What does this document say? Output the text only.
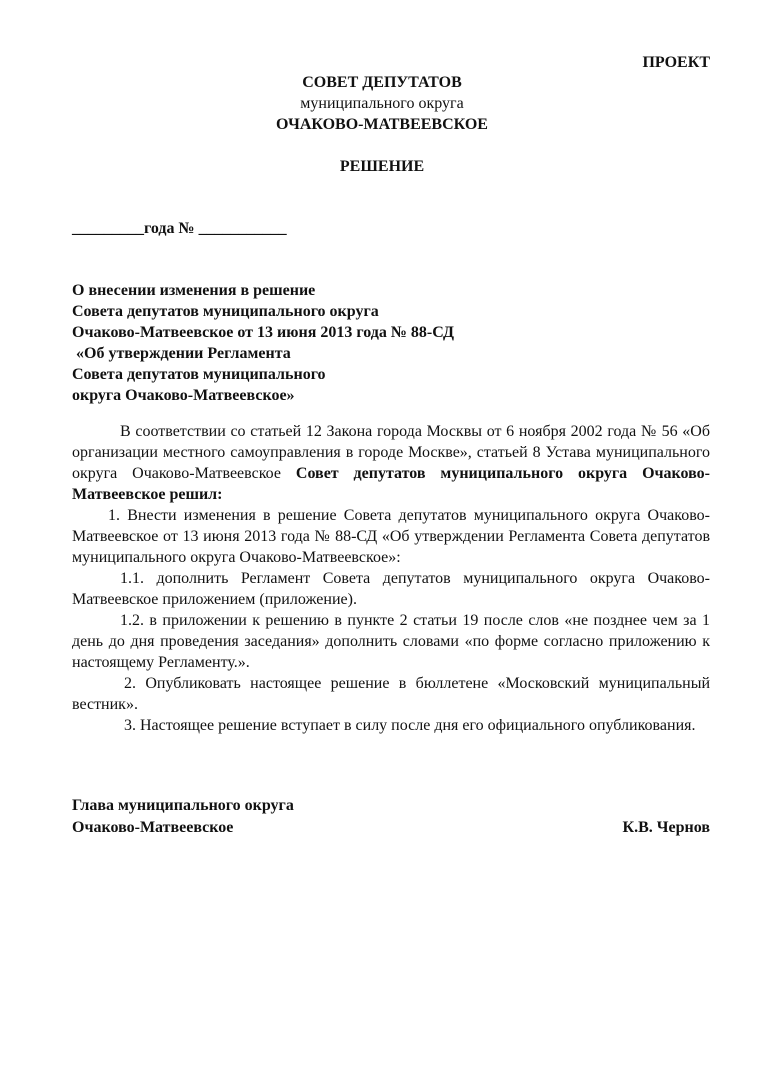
ПРОЕКТ
СОВЕТ ДЕПУТАТОВ
муниципального округа
ОЧАКОВО-МАТВЕЕВСКОЕ
РЕШЕНИЕ
_________года № ___________
О внесении изменения в решение
Совета депутатов муниципального округа
Очаково-Матвеевское от 13 июня 2013 года № 88-СД
«Об утверждении Регламента
Совета депутатов муниципального
округа Очаково-Матвеевское»

В соответствии со статьей 12 Закона города Москвы от 6 ноября 2002 года № 56 «Об организации местного самоуправления в городе Москве», статьей 8 Устава муниципального округа Очаково-Матвеевское Совет депутатов муниципального округа Очаково-Матвеевское решил:

1. Внести изменения в решение Совета депутатов муниципального округа Очаково-Матвеевское от 13 июня 2013 года № 88-СД «Об утверждении Регламента Совета депутатов муниципального округа Очаково-Матвеевское»:

1.1. дополнить Регламент Совета депутатов муниципального округа Очаково-Матвеевское приложением (приложение).

1.2. в приложении к решению в пункте 2 статьи 19 после слов «не позднее чем за 1 день до дня проведения заседания» дополнить словами «по форме согласно приложению к настоящему Регламенту.».

2. Опубликовать настоящее решение в бюллетене «Московский муниципальный вестник».

3. Настоящее решение вступает в силу после дня его официального опубликования.

Глава муниципального округа
Очаково-Матвеевское	К.В. Чернов
